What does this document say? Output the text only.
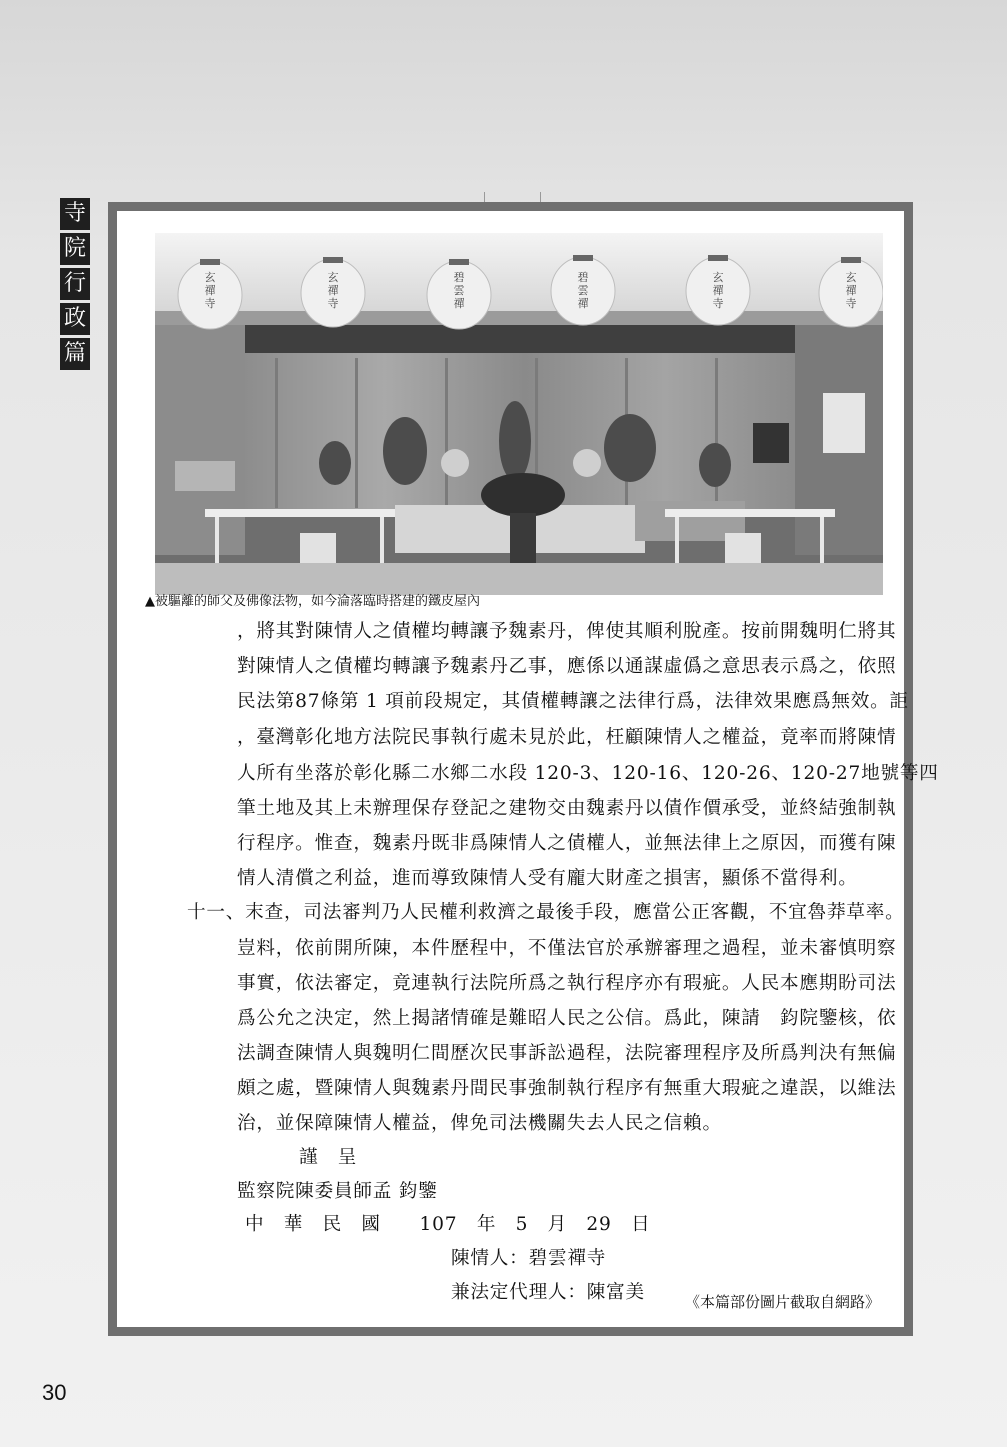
寺
院
行
政
篇
玄禪寺
玄禪寺
碧雲禪
碧雲禪
玄禪寺
玄禪寺
▲被驅離的師父及佛像法物，如今淪落臨時搭建的鐵皮屋內
，將其對陳情人之債權均轉讓予魏素丹，俾使其順利脫產。按前開魏明仁將其
對陳情人之債權均轉讓予魏素丹乙事，應係以通謀虛僞之意思表示爲之，依照
民法第87條第 1 項前段規定，其債權轉讓之法律行爲，法律效果應爲無效。詎
，臺灣彰化地方法院民事執行處未見於此，枉顧陳情人之權益，竟率而將陳情
人所有坐落於彰化縣二水鄉二水段 120-3、120-16、120-26、120-27地號等四
筆土地及其上未辦理保存登記之建物交由魏素丹以債作價承受，並終結強制執
行程序。惟查，魏素丹既非爲陳情人之債權人，並無法律上之原因，而獲有陳
情人清償之利益，進而導致陳情人受有龐大財產之損害，顯係不當得利。
十一、末查，司法審判乃人民權利救濟之最後手段，應當公正客觀，不宜魯莽草率。
豈料，依前開所陳，本件歷程中，不僅法官於承辦審理之過程，並未審慎明察
事實，依法審定，竟連執行法院所爲之執行程序亦有瑕疵。人民本應期盼司法
爲公允之決定，然上揭諸情確是難昭人民之公信。爲此，陳請　鈞院鑒核，依
法調查陳情人與魏明仁間歷次民事訴訟過程，法院審理程序及所爲判決有無偏
頗之處，暨陳情人與魏素丹間民事強制執行程序有無重大瑕疵之違誤，以維法
治，並保障陳情人權益，俾免司法機關失去人民之信賴。
謹　呈
監察院陳委員師孟 鈞鑒
中　華　民　國　　107　年　5　月　29　日
陳情人：碧雲禪寺
兼法定代理人：陳富美	《本篇部份圖片截取自網路》
30
